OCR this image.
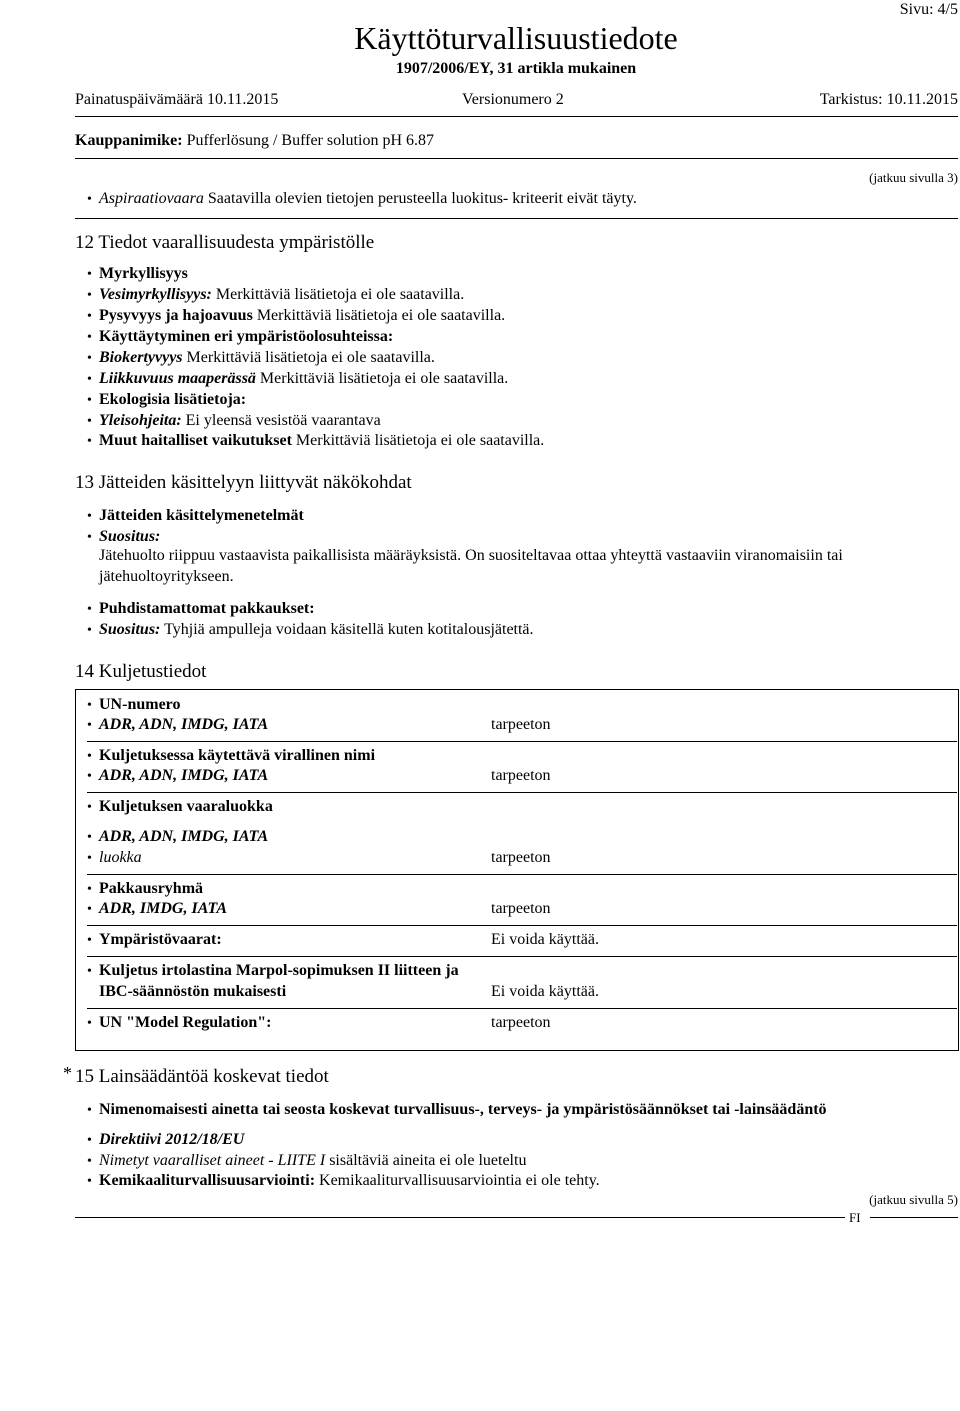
Käyttöturvallisuustiedote
1907/2006/EY, 31 artikla mukainen
Sivu: 4/5
Painatuspäivämäärä 10.11.2015	Versionumero 2	Tarkistus: 10.11.2015
Kauppanimike: Pufferlösung / Buffer solution pH 6.87
(jatkuu sivulla 3)
• Aspiraatiovaara Saatavilla olevien tietojen perusteella luokitus- kriteerit eivät täyty.
12 Tiedot vaarallisuudesta ympäristölle
• Myrkyllisyys
• Vesimyrkyllisyys: Merkittäviä lisätietoja ei ole saatavilla.
• Pysyvyys ja hajoavuus Merkittäviä lisätietoja ei ole saatavilla.
• Käyttäytyminen eri ympäristöolosuhteissa:
• Biokertyvyys Merkittäviä lisätietoja ei ole saatavilla.
• Liikkuvuus maaperässä Merkittäviä lisätietoja ei ole saatavilla.
• Ekologisia lisätietoja:
• Yleisohjeita: Ei yleensä vesistöä vaarantava
• Muut haitalliset vaikutukset Merkittäviä lisätietoja ei ole saatavilla.
13 Jätteiden käsittelyyn liittyvät näkökohdat
• Jätteiden käsittelymenetelmät
• Suositus:
Jätehuolto riippuu vastaavista paikallisista määräyksistä. On suositeltavaa ottaa yhteyttä vastaaviin viranomaisiin tai jätehuoltoyritykseen.
• Puhdistamattomat pakkaukset:
• Suositus: Tyhjiä ampulleja voidaan käsitellä kuten kotitalousjätettä.
14 Kuljetustiedot
• UN-numero
• ADR, ADN, IMDG, IATA	tarpeeton
• Kuljetuksessa käytettävä virallinen nimi
• ADR, ADN, IMDG, IATA	tarpeeton
• Kuljetuksen vaaraluokka
• ADR, ADN, IMDG, IATA
• luokka	tarpeeton
• Pakkausryhmä
• ADR, IMDG, IATA	tarpeeton
• Ympäristövaarat:	Ei voida käyttää.
• Kuljetus irtolastina Marpol-sopimuksen II liitteen ja
IBC-säännöstön mukaisesti	Ei voida käyttää.
• UN "Model Regulation":	tarpeeton
* 15 Lainsäädäntöä koskevat tiedot
• Nimenomaisesti ainetta tai seosta koskevat turvallisuus-, terveys- ja ympäristösäännökset tai -lainsäädäntö
• Direktiivi 2012/18/EU
• Nimetyt vaaralliset aineet - LIITE I sisältäviä aineita ei ole lueteltu
• Kemikaaliturvallisuusarviointi: Kemikaaliturvallisuusarviointia ei ole tehty.
(jatkuu sivulla 5)
FI
